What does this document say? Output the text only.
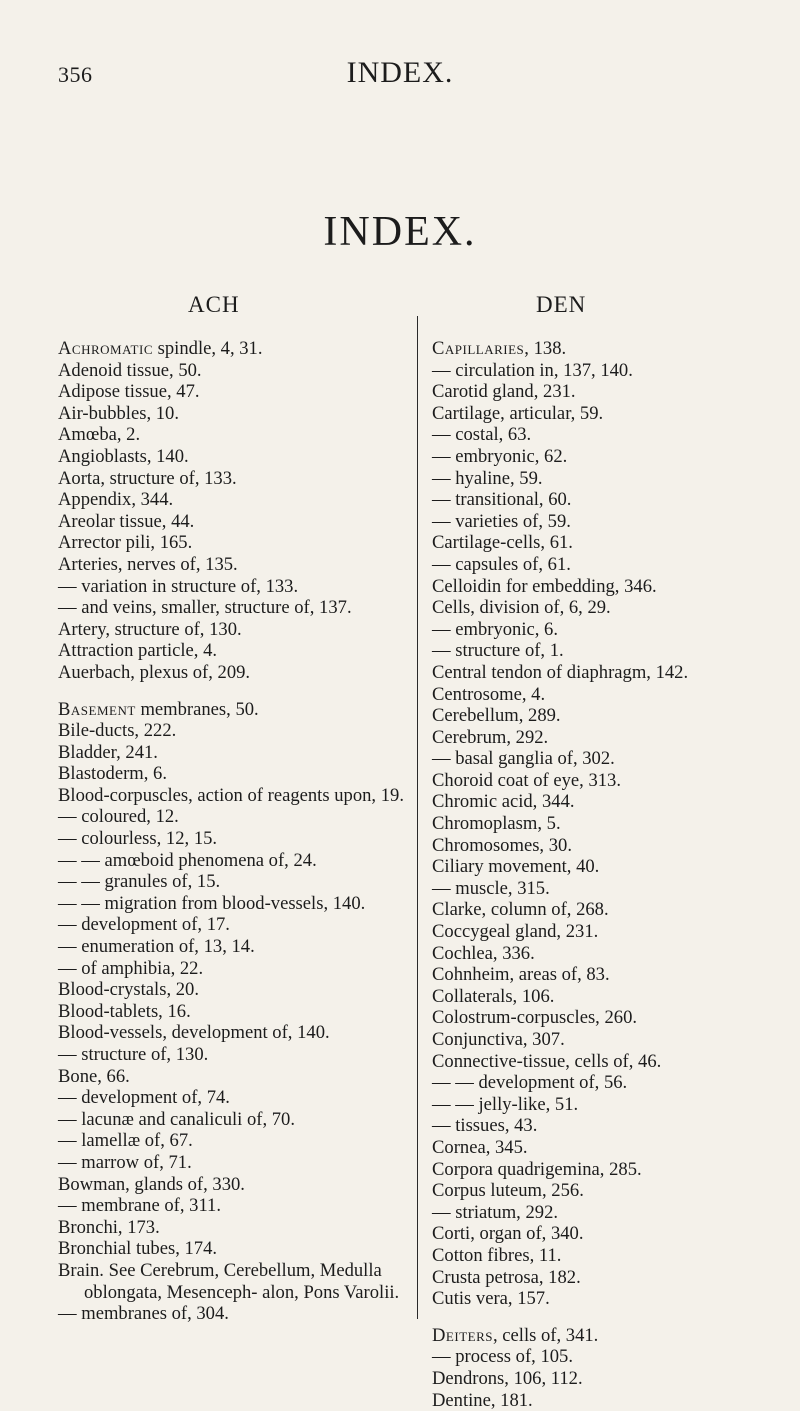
356	INDEX.
INDEX.
ACH	DEN

Achromatic spindle, 4, 31.

Adenoid tissue, 50.

Adipose tissue, 47.

Air-bubbles, 10.

Amœba, 2.

Angioblasts, 140.

Aorta, structure of, 133.

Appendix, 344.

Areolar tissue, 44.

Arrector pili, 165.

Arteries, nerves of, 135.

— variation in structure of, 133.

— and veins, smaller, structure of, 137.

Artery, structure of, 130.

Attraction particle, 4.

Auerbach, plexus of, 209.

Basement membranes, 50.

Bile-ducts, 222.

Bladder, 241.

Blastoderm, 6.

Blood-corpuscles, action of reagents upon, 19.

— coloured, 12.

— colourless, 12, 15.

— — amœboid phenomena of, 24.

— — granules of, 15.

— — migration from blood-vessels, 140.

— development of, 17.

— enumeration of, 13, 14.

— of amphibia, 22.

Blood-crystals, 20.

Blood-tablets, 16.

Blood-vessels, development of, 140.

— structure of, 130.

Bone, 66.

— development of, 74.

— lacunæ and canaliculi of, 70.

— lamellæ of, 67.

— marrow of, 71.

Bowman, glands of, 330.

— membrane of, 311.

Bronchi, 173.

Bronchial tubes, 174.

Brain. See Cerebrum, Cerebellum, Medulla oblongata, Mesenceph- alon, Pons Varolii.

— membranes of, 304.

Capillaries, 138.

— circulation in, 137, 140.

Carotid gland, 231.

Cartilage, articular, 59.

— costal, 63.

— embryonic, 62.

— hyaline, 59.

— transitional, 60.

— varieties of, 59.

Cartilage-cells, 61.

— capsules of, 61.

Celloidin for embedding, 346.

Cells, division of, 6, 29.

— embryonic, 6.

— structure of, 1.

Central tendon of diaphragm, 142.

Centrosome, 4.

Cerebellum, 289.

Cerebrum, 292.

— basal ganglia of, 302.

Choroid coat of eye, 313.

Chromic acid, 344.

Chromoplasm, 5.

Chromosomes, 30.

Ciliary movement, 40.

— muscle, 315.

Clarke, column of, 268.

Coccygeal gland, 231.

Cochlea, 336.

Cohnheim, areas of, 83.

Collaterals, 106.

Colostrum-corpuscles, 260.

Conjunctiva, 307.

Connective-tissue, cells of, 46.

— — development of, 56.

— — jelly-like, 51.

— tissues, 43.

Cornea, 345.

Corpora quadrigemina, 285.

Corpus luteum, 256.

— striatum, 292.

Corti, organ of, 340.

Cotton fibres, 11.

Crusta petrosa, 182.

Cutis vera, 157.

Deiters, cells of, 341.

— process of, 105.

Dendrons, 106, 112.

Dentine, 181.
